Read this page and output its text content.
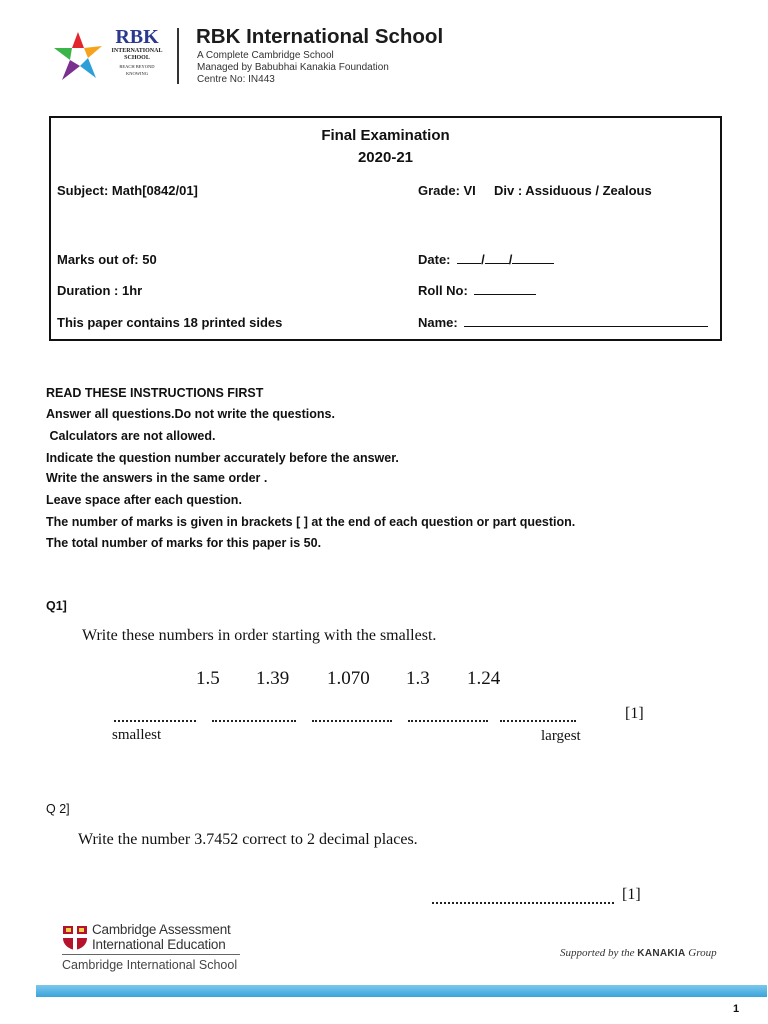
RBK
INTERNATIONAL
SCHOOL
REACH BEYOND
KNOWING
RBK International School
A Complete Cambridge School
Managed by Babubhai Kanakia Foundation
Centre No: IN443
Final Examination
2020-21
Subject: Math[0842/01]	Grade: VI Div : Assiduous / Zealous
Marks out of: 50	Date: / /
Duration : 1hr	Roll No:
This paper contains 18 printed sides	Name:
READ THESE INSTRUCTIONS FIRST
Answer all questions.Do not write the questions.
Calculators are not allowed.
Indicate the question number accurately before the answer.
Write the answers in the same order .
Leave space after each question.
The number of marks is given in brackets [ ] at the end of each question or part question.
The total number of marks for this paper is 50.
Q1]
Write these numbers in order starting with the smallest.
1.5 1.39 1.070 1.3 1.24
[1]
smallest	largest
Q 2]
Write the number 3.7452 correct to 2 decimal places.
[1]
Cambridge Assessment
International Education
Cambridge International School
Supported by the KANAKIA Group
1
